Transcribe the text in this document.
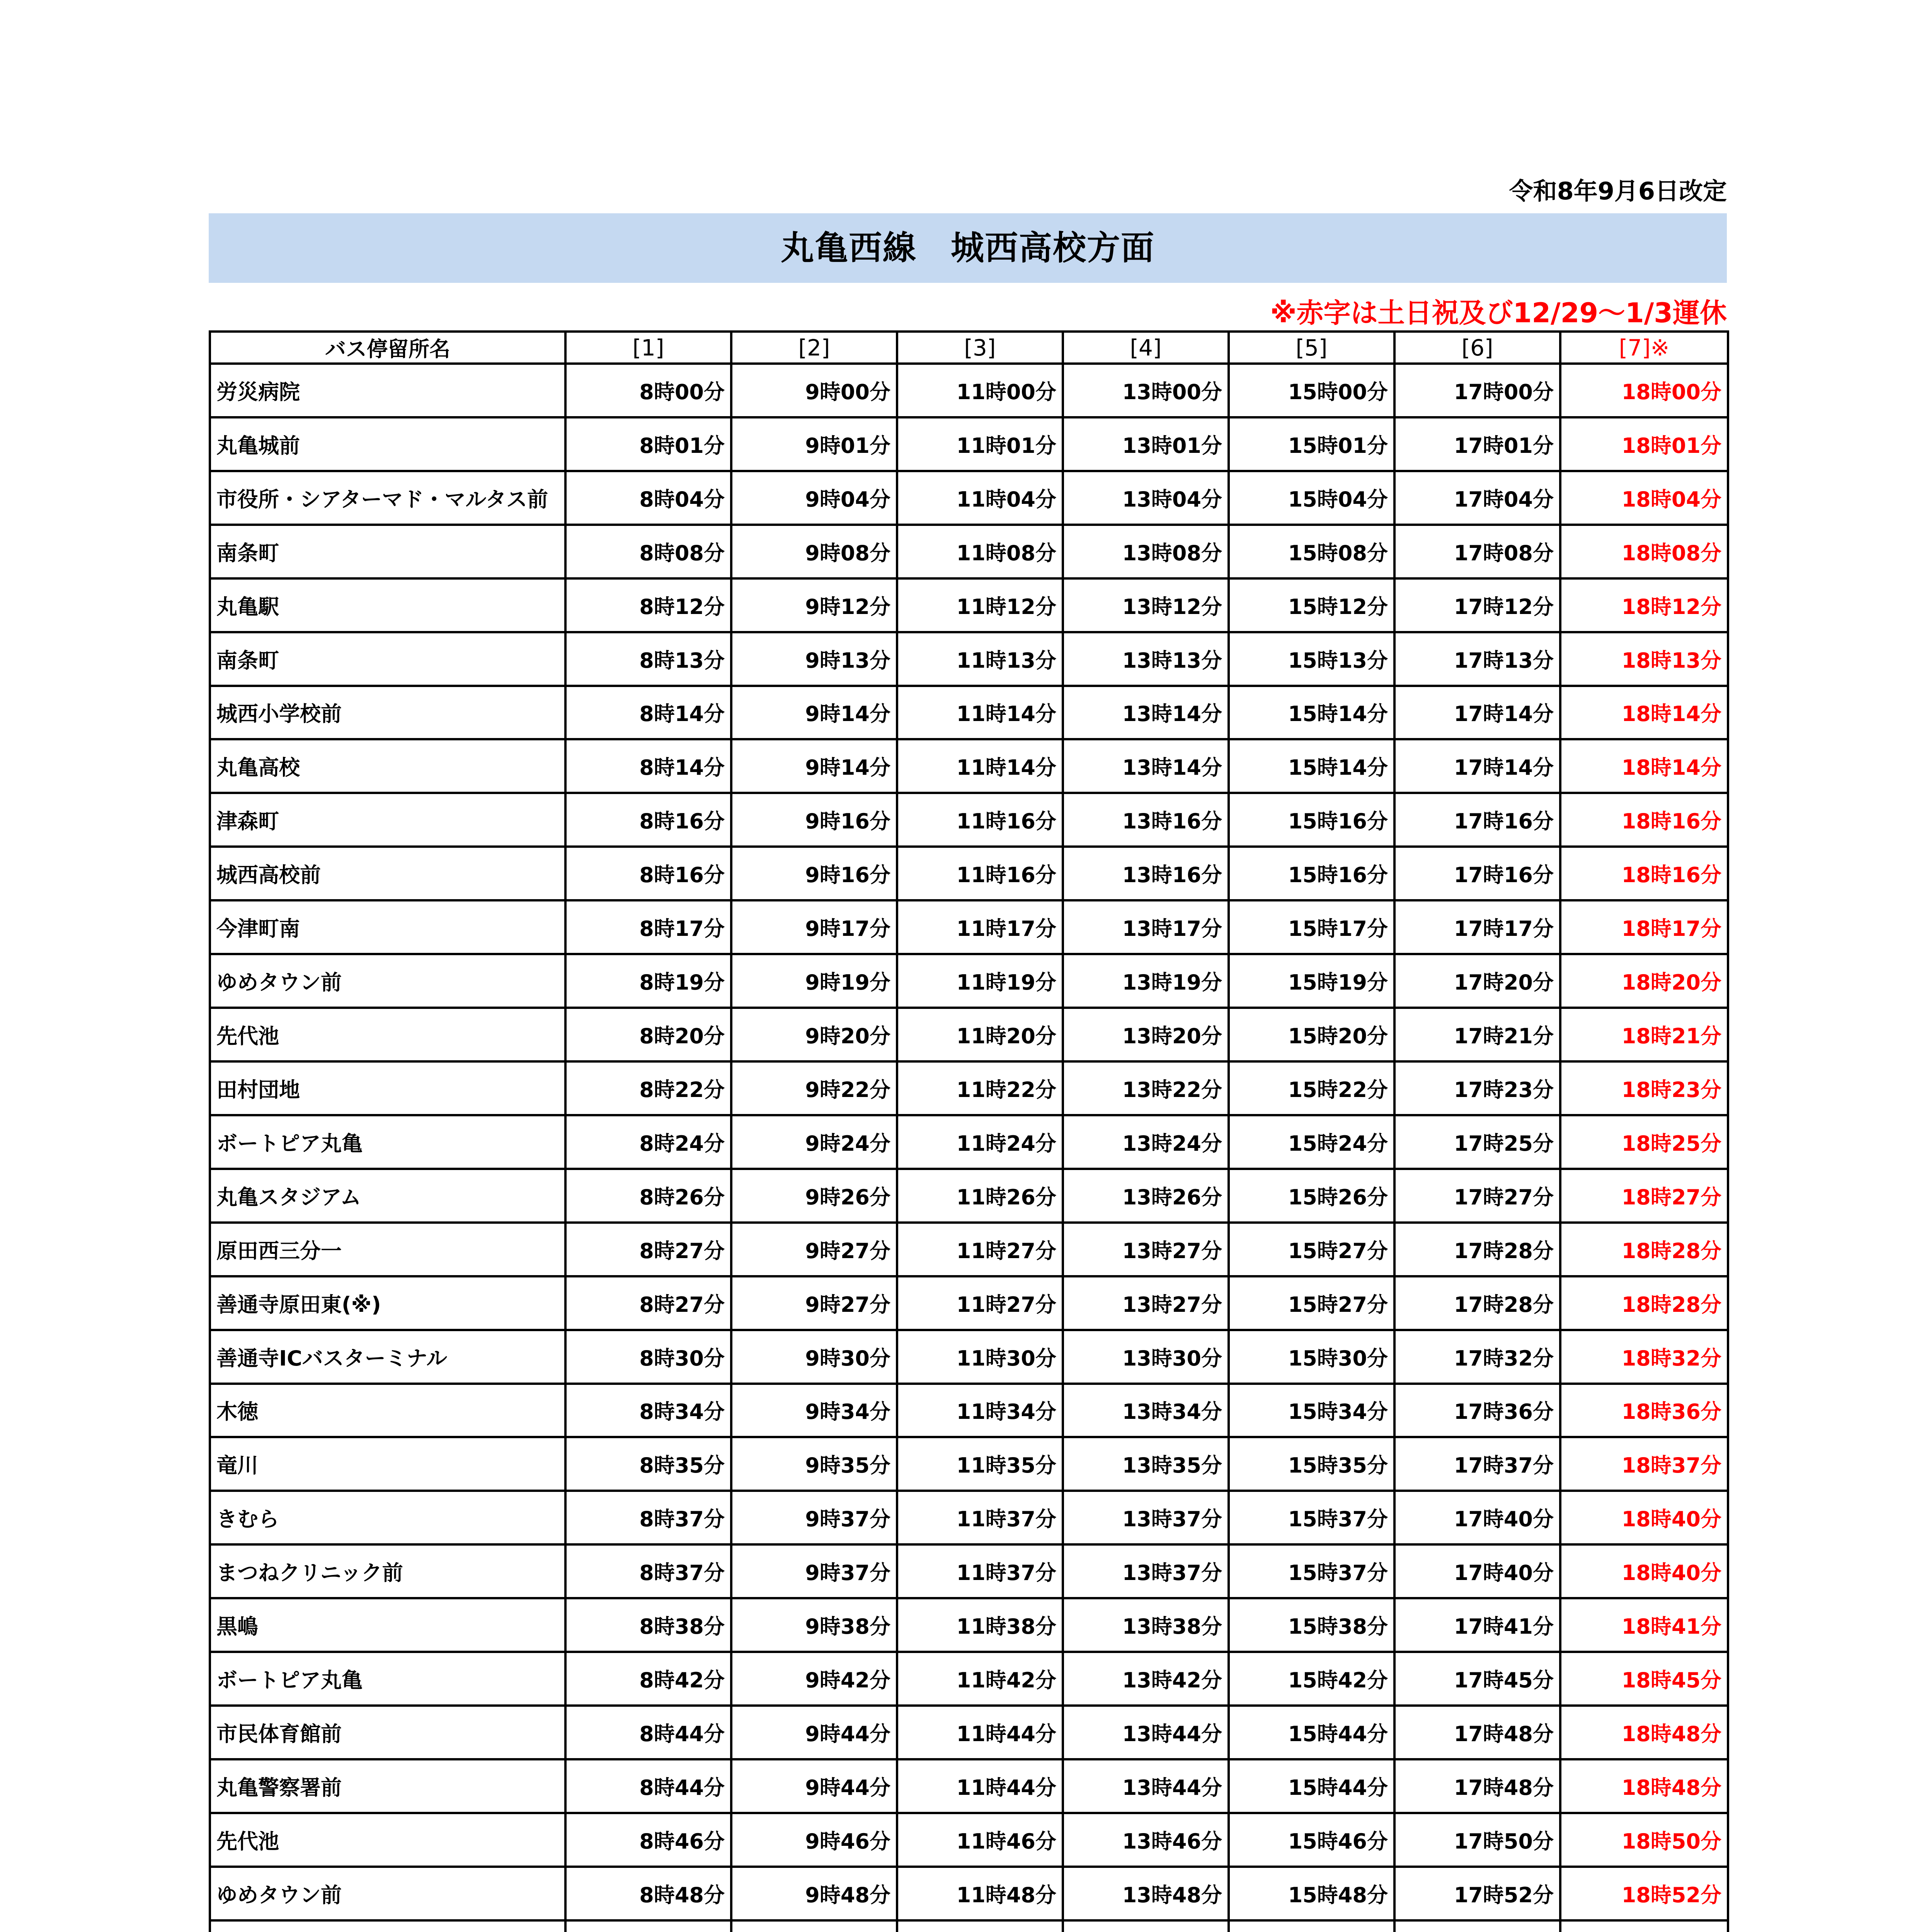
令和8年9月6日改定
丸亀西線　城西高校方面
※赤字は土日祝及び12/29～1/3運休
バス停留所名	[1]	[2]	[3]	[4]	[5]	[6]	[7]※
労災病院	8時00分	9時00分	11時00分	13時00分	15時00分	17時00分	18時00分
丸亀城前	8時01分	9時01分	11時01分	13時01分	15時01分	17時01分	18時01分
市役所・シアターマド・マルタス前	8時04分	9時04分	11時04分	13時04分	15時04分	17時04分	18時04分
南条町	8時08分	9時08分	11時08分	13時08分	15時08分	17時08分	18時08分
丸亀駅	8時12分	9時12分	11時12分	13時12分	15時12分	17時12分	18時12分
南条町	8時13分	9時13分	11時13分	13時13分	15時13分	17時13分	18時13分
城西小学校前	8時14分	9時14分	11時14分	13時14分	15時14分	17時14分	18時14分
丸亀高校	8時14分	9時14分	11時14分	13時14分	15時14分	17時14分	18時14分
津森町	8時16分	9時16分	11時16分	13時16分	15時16分	17時16分	18時16分
城西高校前	8時16分	9時16分	11時16分	13時16分	15時16分	17時16分	18時16分
今津町南	8時17分	9時17分	11時17分	13時17分	15時17分	17時17分	18時17分
ゆめタウン前	8時19分	9時19分	11時19分	13時19分	15時19分	17時20分	18時20分
先代池	8時20分	9時20分	11時20分	13時20分	15時20分	17時21分	18時21分
田村団地	8時22分	9時22分	11時22分	13時22分	15時22分	17時23分	18時23分
ボートピア丸亀	8時24分	9時24分	11時24分	13時24分	15時24分	17時25分	18時25分
丸亀スタジアム	8時26分	9時26分	11時26分	13時26分	15時26分	17時27分	18時27分
原田西三分一	8時27分	9時27分	11時27分	13時27分	15時27分	17時28分	18時28分
善通寺原田東(※)	8時27分	9時27分	11時27分	13時27分	15時27分	17時28分	18時28分
善通寺ICバスターミナル	8時30分	9時30分	11時30分	13時30分	15時30分	17時32分	18時32分
木徳	8時34分	9時34分	11時34分	13時34分	15時34分	17時36分	18時36分
竜川	8時35分	9時35分	11時35分	13時35分	15時35分	17時37分	18時37分
きむら	8時37分	9時37分	11時37分	13時37分	15時37分	17時40分	18時40分
まつねクリニック前	8時37分	9時37分	11時37分	13時37分	15時37分	17時40分	18時40分
黒嶋	8時38分	9時38分	11時38分	13時38分	15時38分	17時41分	18時41分
ボートピア丸亀	8時42分	9時42分	11時42分	13時42分	15時42分	17時45分	18時45分
市民体育館前	8時44分	9時44分	11時44分	13時44分	15時44分	17時48分	18時48分
丸亀警察署前	8時44分	9時44分	11時44分	13時44分	15時44分	17時48分	18時48分
先代池	8時46分	9時46分	11時46分	13時46分	15時46分	17時50分	18時50分
ゆめタウン前	8時48分	9時48分	11時48分	13時48分	15時48分	17時52分	18時52分
